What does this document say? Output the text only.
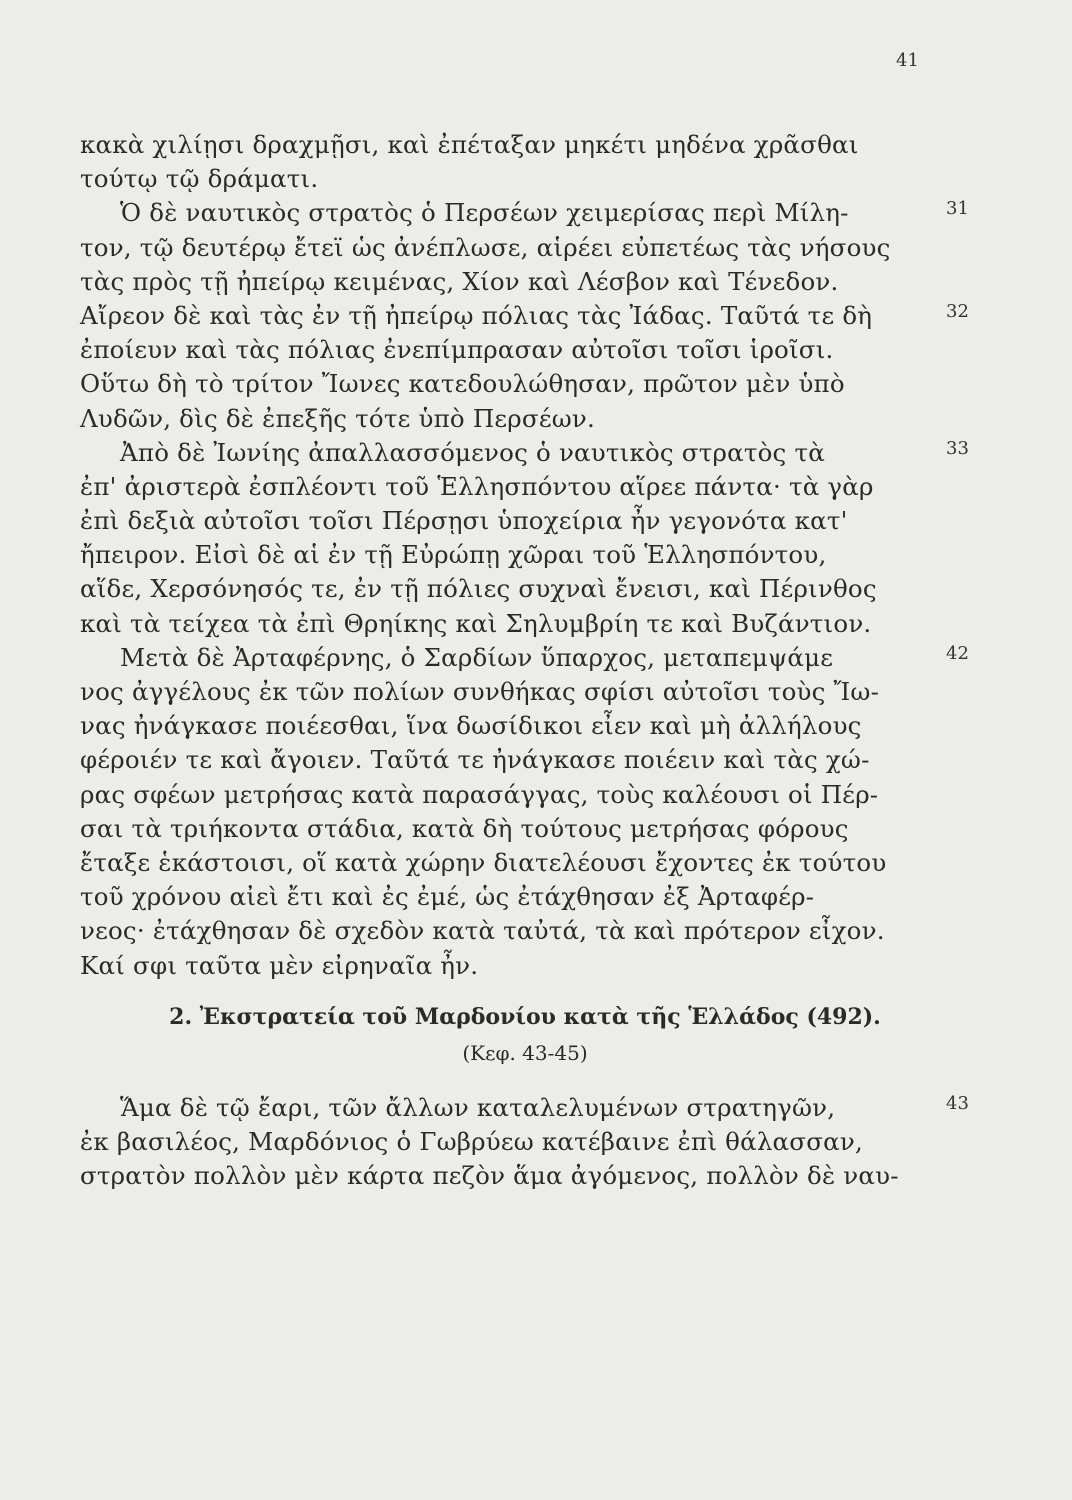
41
κακὰ χιλίῃσι δραχμῇσι, καὶ ἐπέταξαν μηκέτι μηδένα χρᾶσθαι
τούτῳ τῷ δράματι.
Ὁ δὲ ναυτικὸς στρατὸς ὁ Περσέων χειμερίσας περὶ Μίλη-	31
τον, τῷ δευτέρῳ ἔτεϊ ὡς ἀνέπλωσε, αἱρέει εὐπετέως τὰς νήσους
τὰς πρὸς τῇ ἠπείρῳ κειμένας, Χίον καὶ Λέσβον καὶ Τένεδον.
Αἴρεον δὲ καὶ τὰς ἐν τῇ ἠπείρῳ πόλιας τὰς Ἰάδας. Ταῦτά τε δὴ	32
ἐποίευν καὶ τὰς πόλιας ἐνεπίμπρασαν αὐτοῖσι τοῖσι ἱροῖσι.
Οὕτω δὴ τὸ τρίτον Ἴωνες κατεδουλώθησαν, πρῶτον μὲν ὑπὸ
Λυδῶν, δὶς δὲ ἐπεξῆς τότε ὑπὸ Περσέων.
Ἀπὸ δὲ Ἰωνίης ἀπαλλασσόμενος ὁ ναυτικὸς στρατὸς τὰ	33
ἐπ' ἀριστερὰ ἐσπλέοντι τοῦ Ἑλλησπόντου αἵρεε πάντα· τὰ γὰρ
ἐπὶ δεξιὰ αὐτοῖσι τοῖσι Πέρσῃσι ὑποχείρια ἦν γεγονότα κατ'
ἤπειρον. Εἰσὶ δὲ αἱ ἐν τῇ Εὐρώπῃ χῶραι τοῦ Ἑλλησπόντου,
αἵδε, Χερσόνησός τε, ἐν τῇ πόλιες συχναὶ ἔνεισι, καὶ Πέρινθος
καὶ τὰ τείχεα τὰ ἐπὶ Θρηίκης καὶ Σηλυμβρίη τε καὶ Βυζάντιον.
Μετὰ δὲ Ἀρταφέρνης, ὁ Σαρδίων ὕπαρχος, μεταπεμψάμε	42
νος ἀγγέλους ἐκ τῶν πολίων συνθήκας σφίσι αὐτοῖσι τοὺς Ἴω-
νας ἠνάγκασε ποιέεσθαι, ἵνα δωσίδικοι εἶεν καὶ μὴ ἀλλήλους
φέροιέν τε καὶ ἄγοιεν. Ταῦτά τε ἠνάγκασε ποιέειν καὶ τὰς χώ-
ρας σφέων μετρήσας κατὰ παρασάγγας, τοὺς καλέουσι οἱ Πέρ-
σαι τὰ τριήκοντα στάδια, κατὰ δὴ τούτους μετρήσας φόρους
ἔταξε ἑκάστοισι, οἵ κατὰ χώρην διατελέουσι ἔχοντες ἐκ τούτου
τοῦ χρόνου αἰεὶ ἔτι καὶ ἐς ἐμέ, ὡς ἐτάχθησαν ἐξ Ἀρταφέρ-
νεος· ἐτάχθησαν δὲ σχεδὸν κατὰ ταὐτά, τὰ καὶ πρότερον εἶχον.
Καί σφι ταῦτα μὲν εἰρηναῖα ἦν.
2. Ἐκστρατεία τοῦ Μαρδονίου κατὰ τῆς Ἑλλάδος (492).
(Κεφ. 43-45)
Ἅμα δὲ τῷ ἔαρι, τῶν ἄλλων καταλελυμένων στρατηγῶν,	43
ἐκ βασιλέος, Μαρδόνιος ὁ Γωβρύεω κατέβαινε ἐπὶ θάλασσαν,
στρατὸν πολλὸν μὲν κάρτα πεζὸν ἅμα ἀγόμενος, πολλὸν δὲ ναυ-
